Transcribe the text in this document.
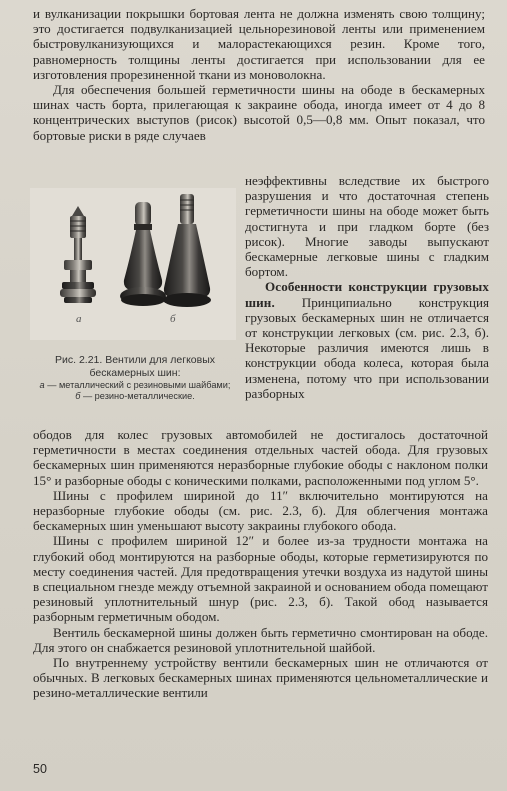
и вулканизации покрышки бортовая лента не должна изменять свою толщину; это достигается подвулканизацией цельнорезиновой ленты или применением быстровулканизующихся и малорастекающихся резин. Кроме того, равномерность толщины ленты достигается при использовании для ее изготовления прорезиненной ткани из моноволокна.

Для обеспечения большей герметичности шины на ободе в бескамерных шинах часть борта, прилегающая к закраине обода, иногда имеет от 4 до 8 концентрических выступов (рисок) высотой 0,5—0,8 мм. Опыт показал, что бортовые риски в ряде случаев

а	б

Рис. 2.21. Вентили для легковых бескамерных шин:

а — металлический с резиновыми шайбами;

б — резино-металлические.

неэффективны вследствие их быстрого разрушения и что достаточная степень герметичности шины на ободе может быть достигнута и при гладком борте (без рисок). Многие заводы выпускают бескамерные легковые шины с гладким бортом.

Особенности конструкции грузовых шин. Принципиально конструкция грузовых бескамерных шин не отличается от конструкции легковых (см. рис. 2.3, б). Некоторые различия имеются лишь в конструкции обода колеса, которая была изменена, потому что при использовании разборных

ободов для колес грузовых автомобилей не достигалось достаточной герметичности в местах соединения отдельных частей обода. Для грузовых бескамерных шин применяются неразборные глубокие ободы с наклоном полки 15° и разборные ободы с коническими полками, расположенными под углом 5°.

Шины с профилем шириной до 11″ включительно монтируются на неразборные глубокие ободы (см. рис. 2.3, б). Для облегчения монтажа бескамерных шин уменьшают высоту закраины глубокого обода.

Шины с профилем шириной 12″ и более из-за трудности монтажа на глубокий обод монтируются на разборные ободы, которые герметизируются по месту соединения частей. Для предотвращения утечки воздуха из надутой шины в специальном гнезде между отъемной закраиной и основанием обода помещают резиновый уплотнительный шнур (рис. 2.3, б). Такой обод называется разборным герметичным ободом.

Вентиль бескамерной шины должен быть герметично смонтирован на ободе. Для этого он снабжается резиновой уплотнительной шайбой.

По внутреннему устройству вентили бескамерных шин не отличаются от обычных. В легковых бескамерных шинах применяются цельнометаллические и резино-металлические вентили

50
